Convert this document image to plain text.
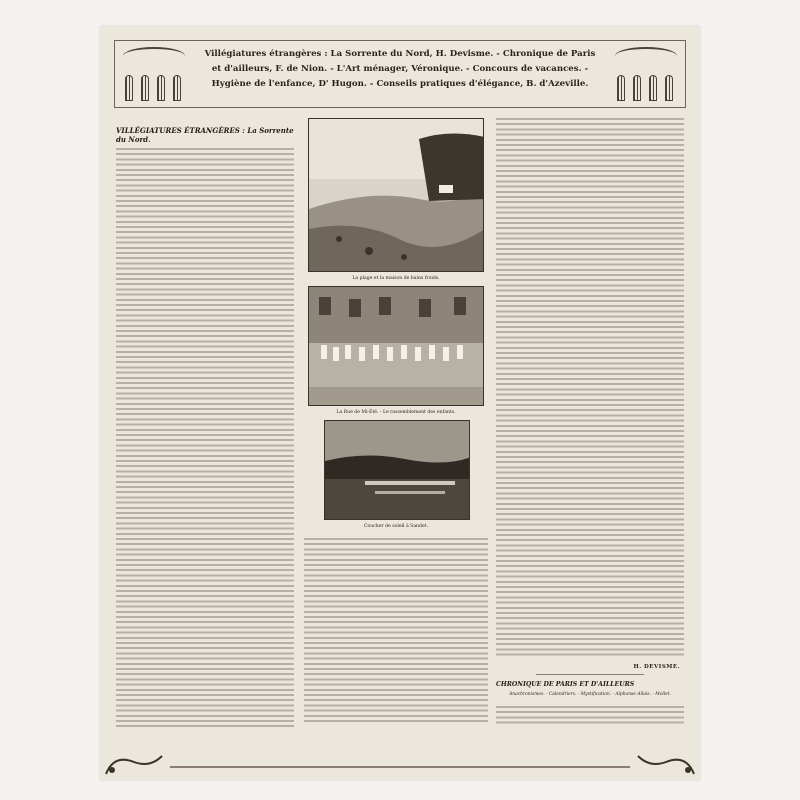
Villégiatures étrangères : La Sorrente du Nord, H. Devisme. - Chronique de Paris
et d'ailleurs, F. de Nion. - L'Art ménager, Véronique. - Concours de vacances. -
Hygiène de l'enfance, D' Hugon. - Conseils pratiques d'élégance, B. d'Azeville.
VILLÉGIATURES ÉTRANGÈRES : La Sorrente du Nord.
La plage et la maison de bains froids.
La Rue de Mi-Été. - Le rassemblement des enfants.
Coucher de soleil à Sandet.
H. DEVISME.
CHRONIQUE DE PARIS ET D'AILLEURS
Anachronismes. - Calendriers. - Mystification. - Alphonse Allais. - Mollet.
